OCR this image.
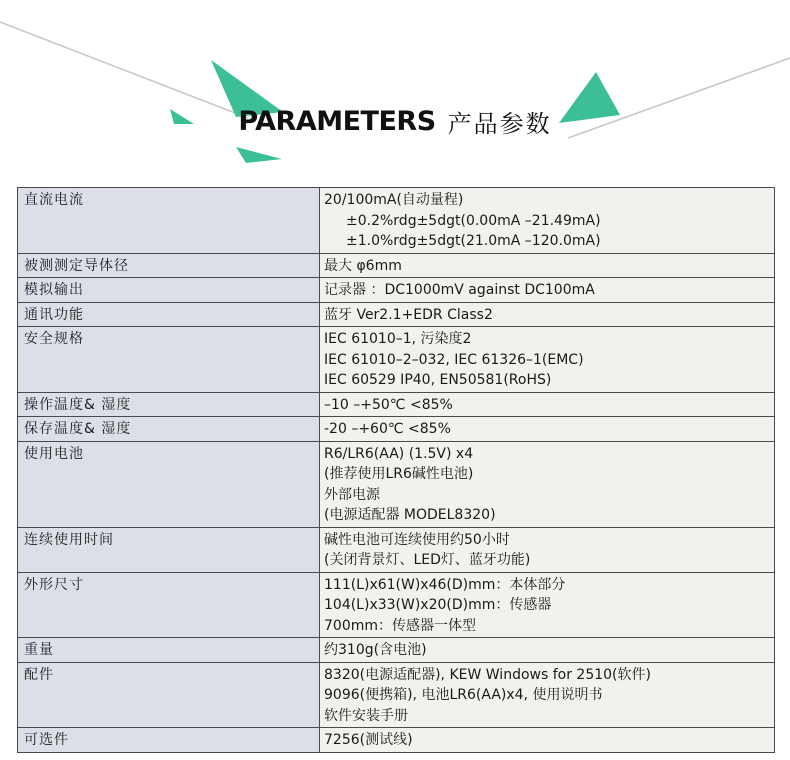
PARAMETERS 产品参数
直流电流	20/100mA(自动量程)
±0.2%rdg±5dgt(0.00mA –21.49mA)
±1.0%rdg±5dgt(21.0mA –120.0mA)

被测测定导体径	最大 φ6mm

模拟输出	记录器 ：DC1000mV against DC100mA

通讯功能	蓝牙 Ver2.1+EDR Class2

安全规格	IEC 61010–1, 污染度2
IEC 61010–2–032, IEC 61326–1(EMC)
IEC 60529 IP40, EN50581(RoHS)

操作温度& 湿度	–10 –+50℃ <85%

保存温度& 湿度	-20 –+60℃ <85%

使用电池	R6/LR6(AA) (1.5V) x4
(推荐使用LR6碱性电池)
外部电源
(电源适配器 MODEL8320)

连续使用时间	碱性电池可连续使用约50小时
(关闭背景灯、LED灯、蓝牙功能)

外形尺寸	111(L)x61(W)x46(D)mm：本体部分
104(L)x33(W)x20(D)mm：传感器
700mm：传感器一体型

重量	约310g(含电池)

配件	8320(电源适配器), KEW Windows for 2510(软件)
9096(便携箱), 电池LR6(AA)x4, 使用说明书
软件安装手册

可选件	7256(测试线)
